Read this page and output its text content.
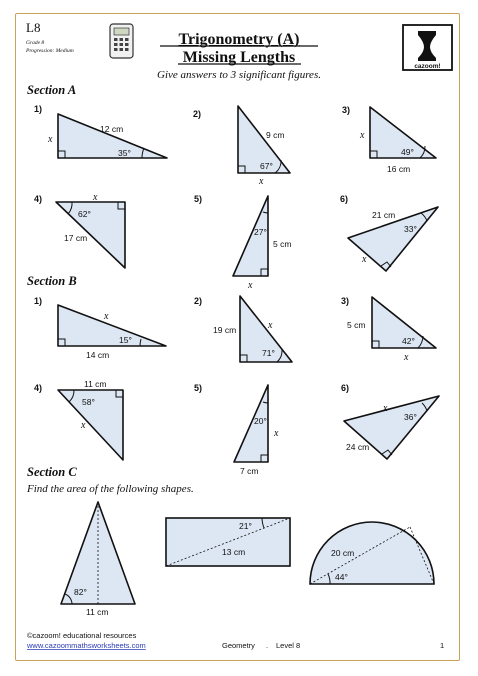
L8
Grade 8
Progression: Medium
Trigonometry (A)
Missing Lengths
Give answers to 3 significant figures.
cazoom!
Section A
1)
12 cm
35°
x
2)
9 cm
67°
x
3)
x
49°
16 cm
4)	x
62°
17 cm
5)
27°
5 cm
x
6)
21 cm
33°
x
Section B
1)
x
15°
14 cm
2)
19 cm	x
71°
3)
5 cm
42°
x
4)	11 cm
58°
x
5)
20°
x
7 cm
6)
x
36°
24 cm
Section C
Find the area of the following shapes.
82°
11 cm
21°
13 cm	20 cm
44°
©cazoom! educational resources
www.cazoommathsworksheets.com	Geometry . Level 8	1
